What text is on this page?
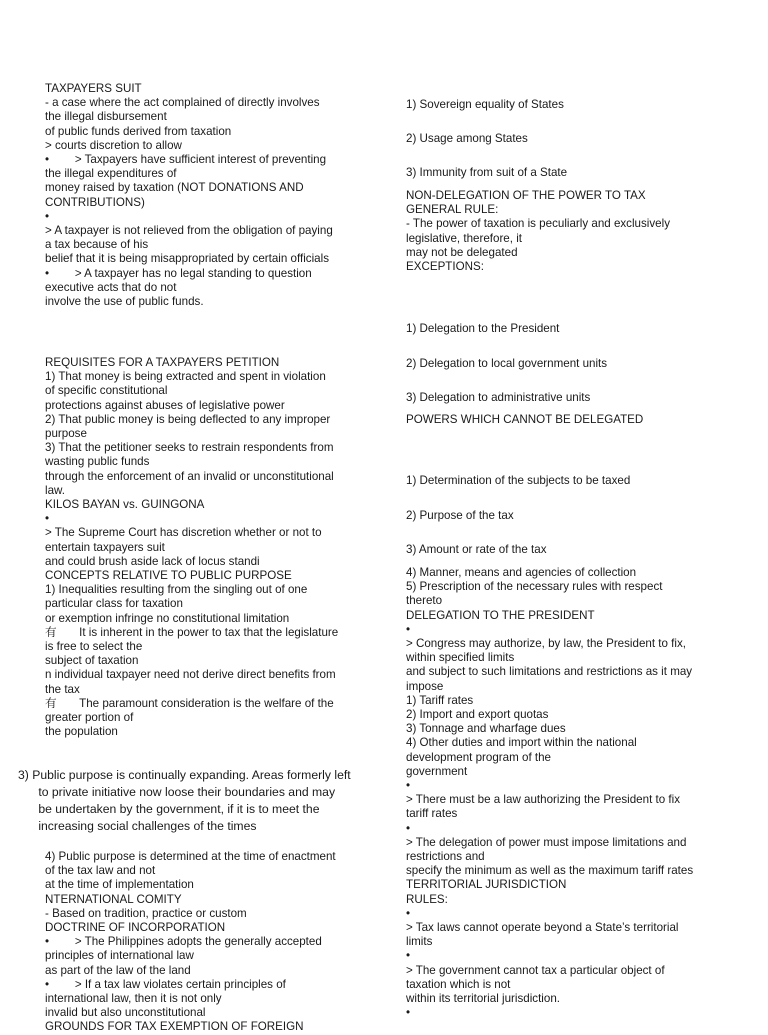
TAXPAYERS SUIT
- a case where the act complained of directly involves
the illegal disbursement
of public funds derived from taxation
> courts discretion to allow
•        > Taxpayers have sufficient interest of preventing
the illegal expenditures of
money raised by taxation (NOT DONATIONS AND
CONTRIBUTIONS)
•
> A taxpayer is not relieved from the obligation of paying
a tax because of his
belief that it is being misappropriated by certain officials
•        > A taxpayer has no legal standing to question
executive acts that do not
involve the use of public funds.
REQUISITES FOR A TAXPAYERS PETITION
1) That money is being extracted and spent in violation
of specific constitutional
protections against abuses of legislative power
2) That public money is being deflected to any improper
purpose
3) That the petitioner seeks to restrain respondents from
wasting public funds
through the enforcement of an invalid or unconstitutional
law.
KILOS BAYAN vs. GUINGONA
•
> The Supreme Court has discretion whether or not to
entertain taxpayers suit
and could brush aside lack of locus standi
CONCEPTS RELATIVE TO PUBLIC PURPOSE
1) Inequalities resulting from the singling out of one
particular class for taxation
or exemption infringe no constitutional limitation
有       It is inherent in the power to tax that the legislature
is free to select the
subject of taxation
n individual taxpayer need not derive direct benefits from
the tax
有       The paramount consideration is the welfare of the
greater portion of
the population
3) Public purpose is continually expanding. Areas formerly left
to private initiative now loose their boundaries and may
be undertaken by the government, if it is to meet the
increasing social challenges of the times
4) Public purpose is determined at the time of enactment
of the tax law and not
at the time of implementation
NTERNATIONAL COMITY
- Based on tradition, practice or custom
DOCTRINE OF INCORPORATION
•        > The Philippines adopts the generally accepted
principles of international law
as part of the law of the land
•        > If a tax law violates certain principles of
international law, then it is not only
invalid but also unconstitutional
GROUNDS FOR TAX EXEMPTION OF FOREIGN
1) Sovereign equality of States
2) Usage among States
3) Immunity from suit of a State
NON-DELEGATION OF THE POWER TO TAX
GENERAL RULE:
- The power of taxation is peculiarly and exclusively
legislative, therefore, it
may not be delegated
EXCEPTIONS:
1) Delegation to the President
2) Delegation to local government units
3) Delegation to administrative units
POWERS WHICH CANNOT BE DELEGATED
1) Determination of the subjects to be taxed
2) Purpose of the tax
3) Amount or rate of the tax
4) Manner, means and agencies of collection
5) Prescription of the necessary rules with respect
thereto
DELEGATION TO THE PRESIDENT
•
> Congress may authorize, by law, the President to fix,
within specified limits
and subject to such limitations and restrictions as it may
impose
1) Tariff rates
2) Import and export quotas
3) Tonnage and wharfage dues
4) Other duties and import within the national
development program of the
government
•
> There must be a law authorizing the President to fix
tariff rates
•
> The delegation of power must impose limitations and
restrictions and
specify the minimum as well as the maximum tariff rates
TERRITORIAL JURISDICTION
RULES:
•
> Tax laws cannot operate beyond a State’s territorial
limits
•
> The government cannot tax a particular object of
taxation which is not
within its territorial jurisdiction.
•
